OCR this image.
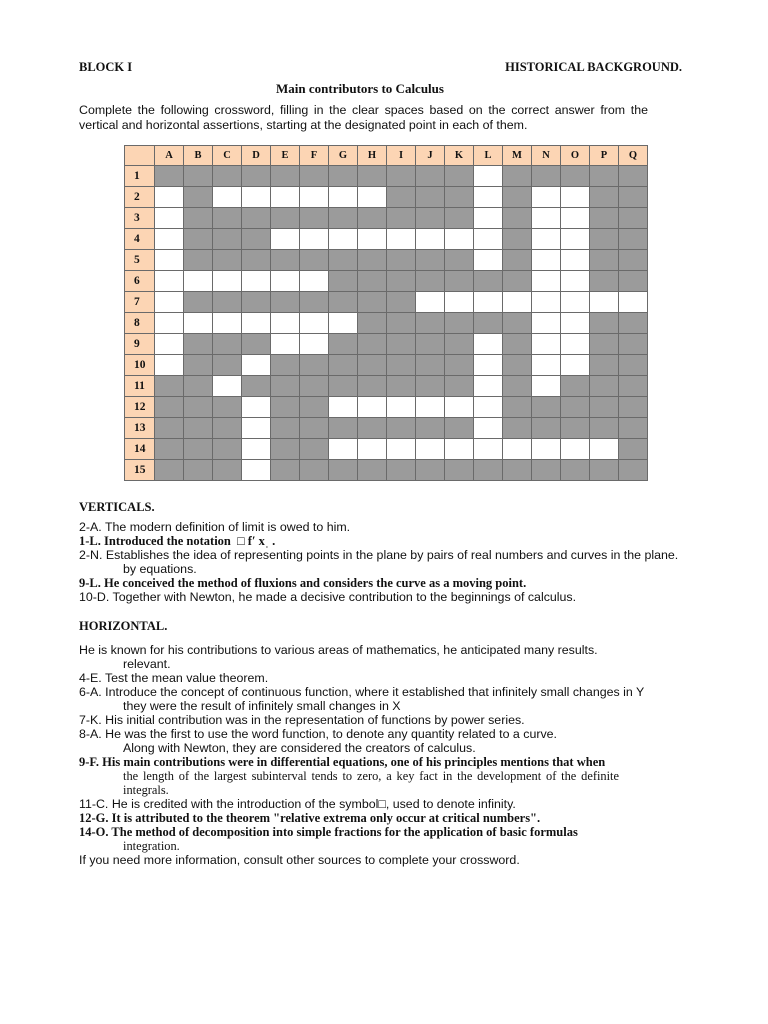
BLOCK I	HISTORICAL BACKGROUND.
Main contributors to Calculus
Complete the following crossword, filling in the clear spaces based on the correct answer from the vertical and horizontal assertions, starting at the designated point in each of them.
	A	B	C	D	E	F	G	H	I	J	K	L	M	N	O	P	Q
1																	
2																	
3																	
4																	
5																	
6																	
7																	
8																	
9																	
10																	
11																	
12																	
13																	
14																	
15																	
VERTICALS.

2-A. The modern definition of limit is owed to him.

1-L. Introduced the notation  □ fʹ xˌ .

2-N. Establishes the idea of representing points in the plane by pairs of real numbers and curves in the plane.

by equations.

9-L. He conceived the method of fluxions and considers the curve as a moving point.

10-D. Together with Newton, he made a decisive contribution to the beginnings of calculus.

HORIZONTAL.

He is known for his contributions to various areas of mathematics, he anticipated many results.

relevant.

4-E. Test the mean value theorem.

6-A. Introduce the concept of continuous function, where it established that infinitely small changes in Y

they were the result of infinitely small changes in X

7-K. His initial contribution was in the representation of functions by power series.

8-A. He was the first to use the word function, to denote any quantity related to a curve.

Along with Newton, they are considered the creators of calculus.

9-F. His main contributions were in differential equations, one of his principles mentions that when

the length of the largest subinterval tends to zero, a key fact in the development of the definite integrals.

11-C. He is credited with the introduction of the symbol□, used to denote infinity.

12-G. It is attributed to the theorem "relative extrema only occur at critical numbers".

14-O. The method of decomposition into simple fractions for the application of basic formulas

integration.

If you need more information, consult other sources to complete your crossword.
